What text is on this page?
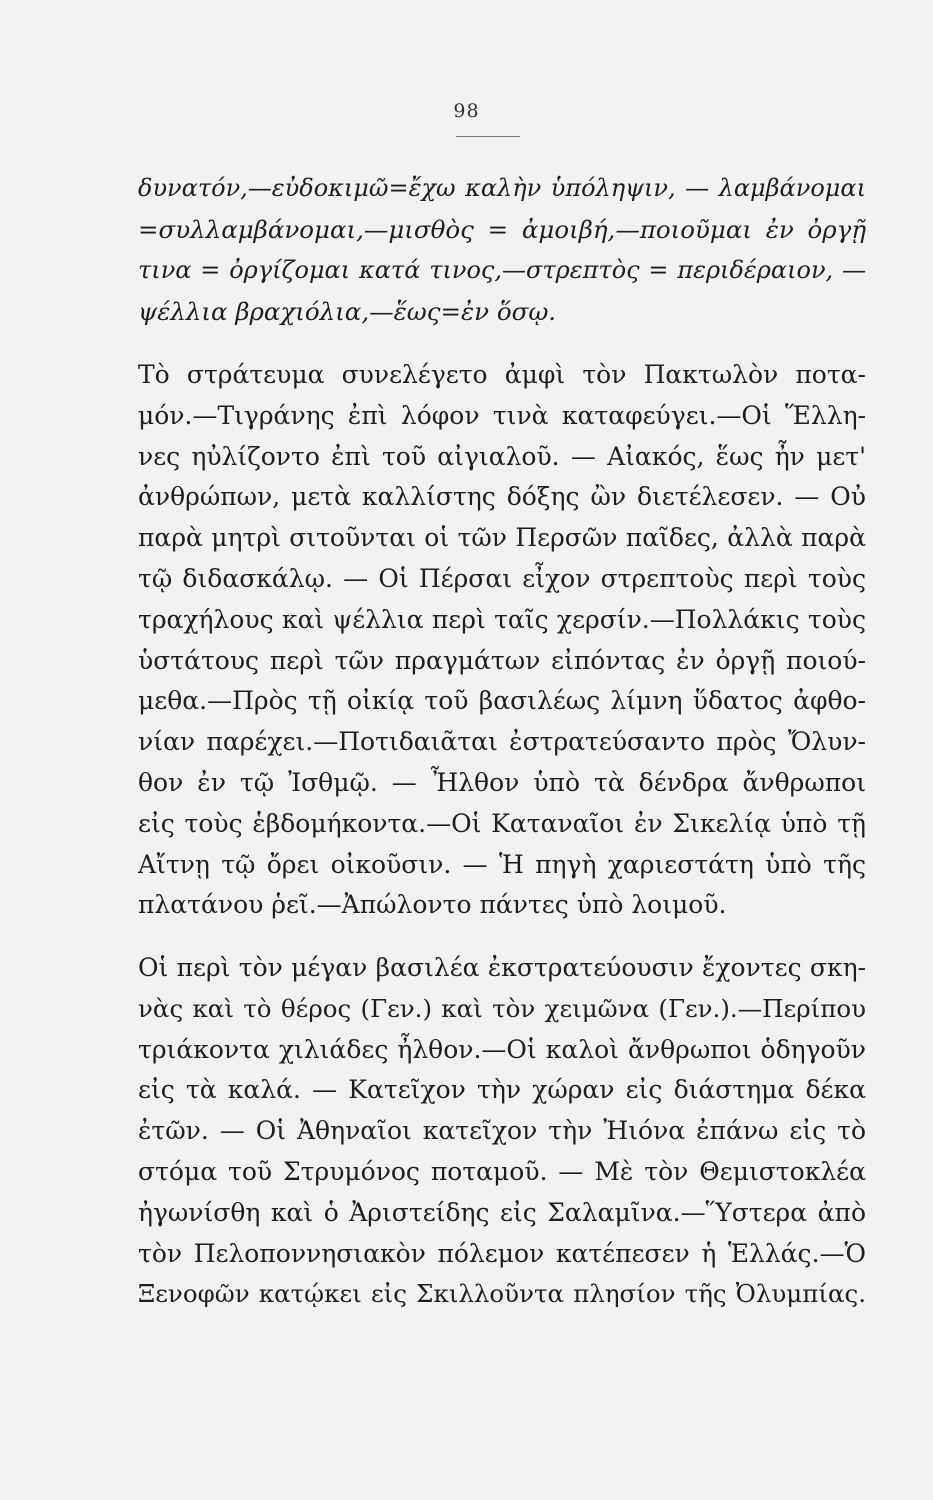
98
δυνατόν,—εὐδοκιμῶ=ἔχω καλὴν ὑπόληψιν, — λαμβάνομαι
=συλλαμβάνομαι,—μισθὸς = ἀμοιβή,—ποιοῦμαι ἐν ὀργῇ
τινα = ὀργίζομαι κατά τινος,—στρεπτὸς = περιδέραιον, —
ψέλλια βραχιόλια,—ἕως=ἐν ὅσῳ.
Τὸ στράτευμα συνελέγετο ἀμφὶ τὸν Πακτωλὸν ποτα-
μόν.—Τιγράνης ἐπὶ λόφον τινὰ καταφεύγει.—Οἱ Ἕλλη-
νες ηὐλίζοντο ἐπὶ τοῦ αἰγιαλοῦ. — Αἰακός, ἕως ἦν μετ'
ἀνθρώπων, μετὰ καλλίστης δόξης ὢν διετέλεσεν. — Οὐ
παρὰ μητρὶ σιτοῦνται οἱ τῶν Περσῶν παῖδες, ἀλλὰ παρὰ
τῷ διδασκάλῳ. — Οἱ Πέρσαι εἶχον στρεπτοὺς περὶ τοὺς
τραχήλους καὶ ψέλλια περὶ ταῖς χερσίν.—Πολλάκις τοὺς
ὑστάτους περὶ τῶν πραγμάτων εἰπόντας ἐν ὀργῇ ποιού-
μεθα.—Πρὸς τῇ οἰκίᾳ τοῦ βασιλέως λίμνη ὕδατος ἀφθο-
νίαν παρέχει.—Ποτιδαιᾶται ἐστρατεύσαντο πρὸς Ὄλυν-
θον ἐν τῷ Ἰσθμῷ. — Ἦλθον ὑπὸ τὰ δένδρα ἄνθρωποι
εἰς τοὺς ἑβδομήκοντα.—Οἱ Καταναῖοι ἐν Σικελίᾳ ὑπὸ τῇ
Αἴτνῃ τῷ ὄρει οἰκοῦσιν. — Ἡ πηγὴ χαριεστάτη ὑπὸ τῆς
πλατάνου ῥεῖ.—Ἀπώλοντο πάντες ὑπὸ λοιμοῦ.
Οἱ περὶ τὸν μέγαν βασιλέα ἐκστρατεύουσιν ἔχοντες σκη-
νὰς καὶ τὸ θέρος (Γεν.) καὶ τὸν χειμῶνα (Γεν.).—Περίπου
τριάκοντα χιλιάδες ἦλθον.—Οἱ καλοὶ ἄνθρωποι ὁδηγοῦν
εἰς τὰ καλά. — Κατεῖχον τὴν χώραν εἰς διάστημα δέκα
ἐτῶν. — Οἱ Ἀθηναῖοι κατεῖχον τὴν Ἠιόνα ἐπάνω εἰς τὸ
στόμα τοῦ Στρυμόνος ποταμοῦ. — Μὲ τὸν Θεμιστοκλέα
ἠγωνίσθη καὶ ὁ Ἀριστείδης εἰς Σαλαμῖνα.—Ὕστερα ἀπὸ
τὸν Πελοποννησιακὸν πόλεμον κατέπεσεν ἡ Ἑλλάς.—Ὁ
Ξενοφῶν κατῴκει εἰς Σκιλλοῦντα πλησίον τῆς Ὀλυμπίας.
